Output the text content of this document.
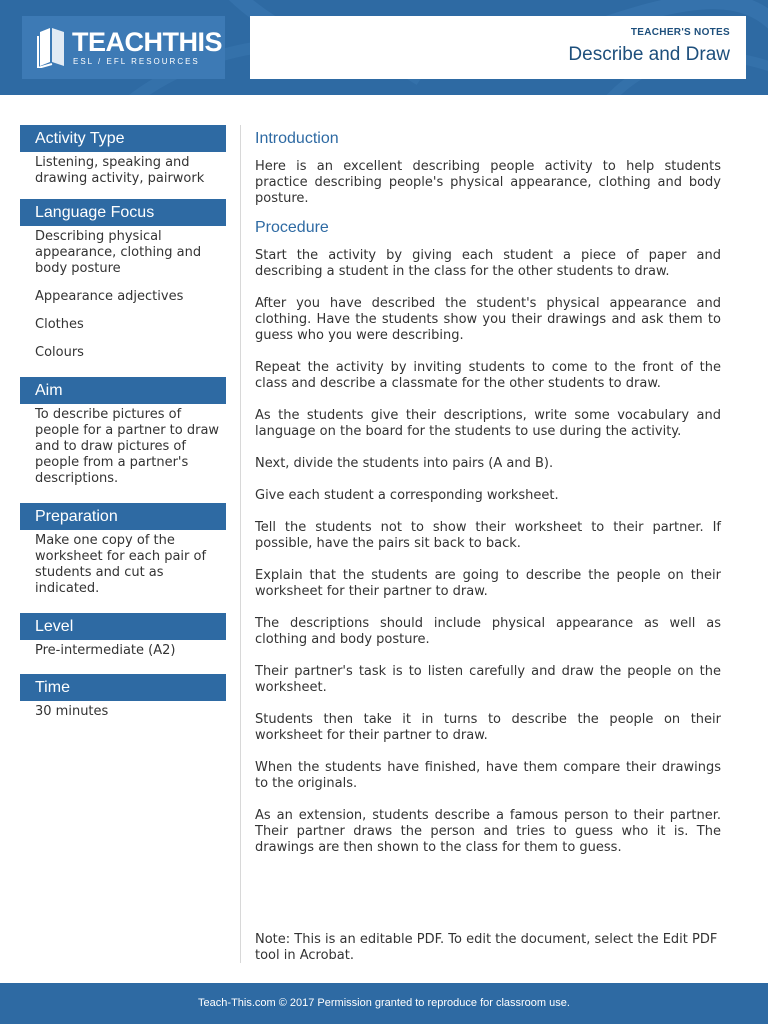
TEACHTHIS
ESL / EFL RESOURCES
TEACHER'S NOTES
Describe and Draw
Activity Type

Listening, speaking and drawing activity, pairwork

Language Focus

Describing physical appearance, clothing and body posture

Appearance adjectives

Clothes

Colours

Aim

To describe pictures of people for a partner to draw and to draw pictures of people from a partner's descriptions.

Preparation

Make one copy of the worksheet for each pair of students and cut as indicated.

Level

Pre-intermediate (A2)

Time

30 minutes

Introduction

Here is an excellent describing people activity to help students practice describing people's physical appearance, clothing and body posture.

Procedure

Start the activity by giving each student a piece of paper and describing a student in the class for the other students to draw.

After you have described the student's physical appearance and clothing. Have the students show you their drawings and ask them to guess who you were describing.

Repeat the activity by inviting students to come to the front of the class and describe a classmate for the other students to draw.

As the students give their descriptions, write some vocabulary and language on the board for the students to use during the activity.

Next, divide the students into pairs (A and B).

Give each student a corresponding worksheet.

Tell the students not to show their worksheet to their partner. If possible, have the pairs sit back to back.

Explain that the students are going to describe the people on their worksheet for their partner to draw.

The descriptions should include physical appearance as well as clothing and body posture.

Their partner's task is to listen carefully and draw the people on the worksheet.

Students then take it in turns to describe the people on their worksheet for their partner to draw.

When the students have finished, have them compare their drawings to the originals.

As an extension, students describe a famous person to their partner. Their partner draws the person and tries to guess who it is. The drawings are then shown to the class for them to guess.

Note: This is an editable PDF. To edit the document, select the Edit PDF tool in Acrobat.
Teach-This.com © 2017 Permission granted to reproduce for classroom use.
